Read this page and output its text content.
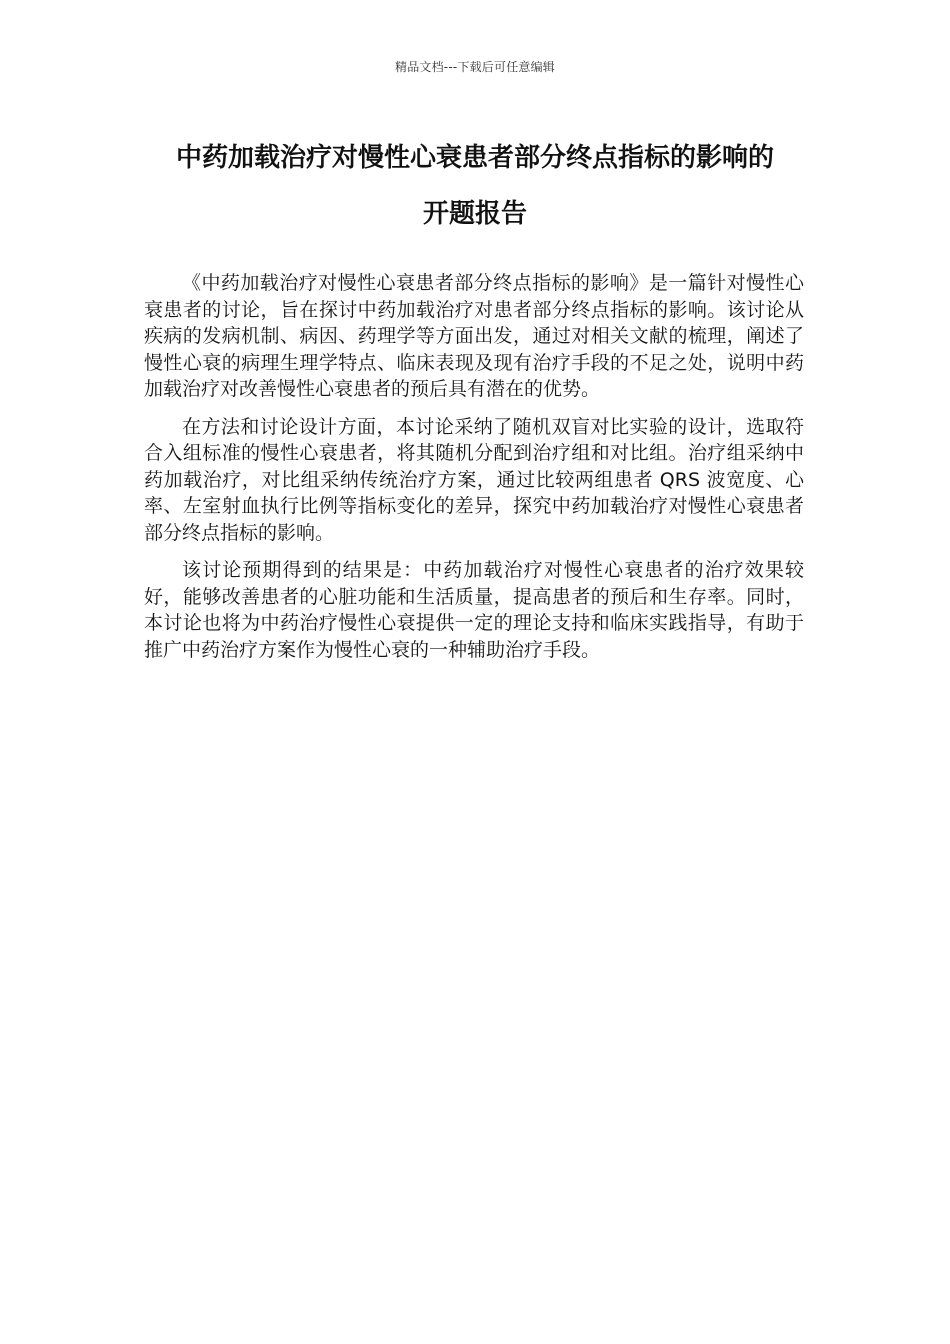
精品文档---下载后可任意编辑
中药加载治疗对慢性心衰患者部分终点指标的影响的
开题报告

《中药加载治疗对慢性心衰患者部分终点指标的影响》是一篇针对慢性心衰患者的讨论，旨在探讨中药加载治疗对患者部分终点指标的影响。该讨论从疾病的发病机制、病因、药理学等方面出发，通过对相关文献的梳理，阐述了慢性心衰的病理生理学特点、临床表现及现有治疗手段的不足之处，说明中药加载治疗对改善慢性心衰患者的预后具有潜在的优势。

在方法和讨论设计方面，本讨论采纳了随机双盲对比实验的设计，选取符合入组标准的慢性心衰患者，将其随机分配到治疗组和对比组。治疗组采纳中药加载治疗，对比组采纳传统治疗方案，通过比较两组患者 QRS 波宽度、心率、左室射血执行比例等指标变化的差异，探究中药加载治疗对慢性心衰患者部分终点指标的影响。

该讨论预期得到的结果是：中药加载治疗对慢性心衰患者的治疗效果较好，能够改善患者的心脏功能和生活质量，提高患者的预后和生存率。同时，本讨论也将为中药治疗慢性心衰提供一定的理论支持和临床实践指导，有助于推广中药治疗方案作为慢性心衰的一种辅助治疗手段。
